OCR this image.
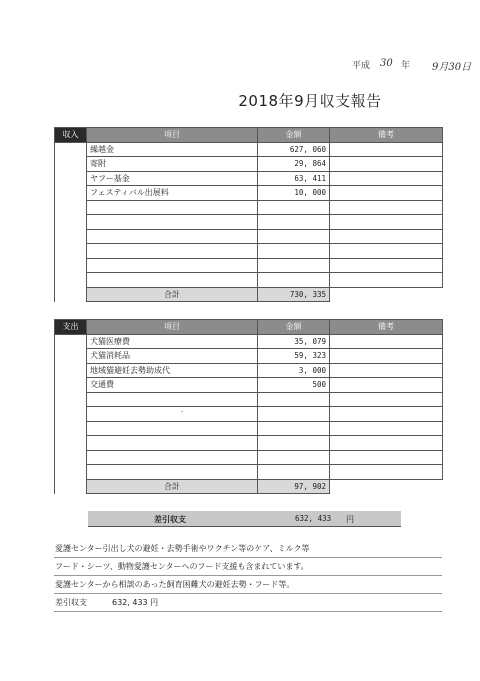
平成 30 年 9月30日
2018年9月収支報告
収入	項目	金額	備考
	繰越金	627, 060	
	寄附	29, 864	
	ヤフー基金	63, 411	
	フェスティバル出展料	10, 000	

	合計	730, 335	
支出	項目	金額	備考
	犬猫医療費	35, 079	
	犬猫消耗品	59, 323	
	地域猫避妊去勢助成代	3, 000	
	交通費	500	

	合計	97, 902	
差引収支	632, 433 円
愛護センター引出し犬の避妊・去勢手術やワクチン等のケア、ミルク等
フード・シーツ、動物愛護センターへのフード支援も含まれています。
愛護センターから相談のあった飼育困難犬の避妊去勢・フード等。
差引収支	632, 433 円
